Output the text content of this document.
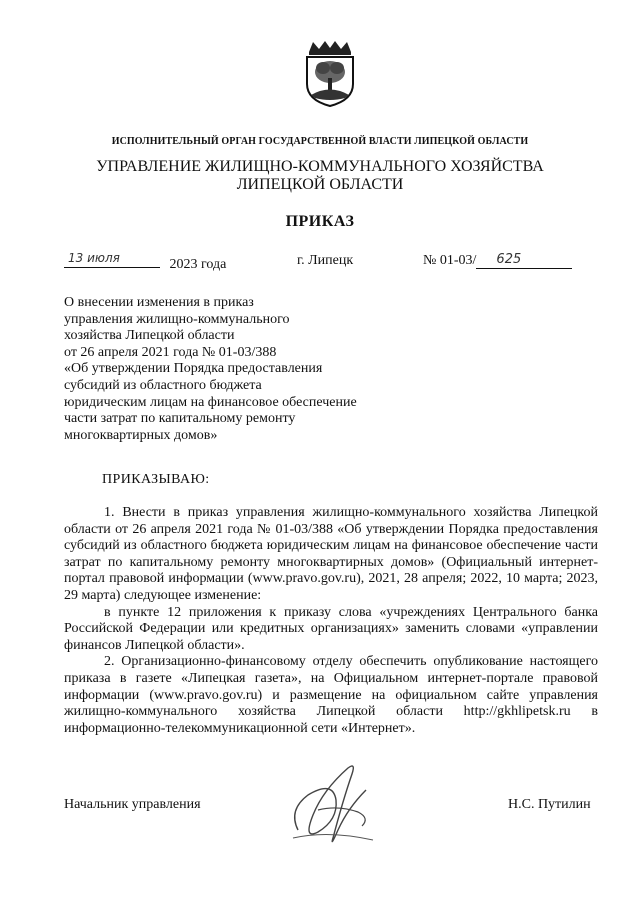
ИСПОЛНИТЕЛЬНЫЙ ОРГАН ГОСУДАРСТВЕННОЙ ВЛАСТИ ЛИПЕЦКОЙ ОБЛАСТИ
УПРАВЛЕНИЕ ЖИЛИЩНО-КОММУНАЛЬНОГО ХОЗЯЙСТВА
ЛИПЕЦКОЙ ОБЛАСТИ
ПРИКАЗ
13 июля	2023 года	г. Липецк	№ 01-03/ 625
О внесении изменения в приказ
управления жилищно-коммунального
хозяйства Липецкой области
от 26 апреля 2021 года № 01-03/388
«Об утверждении Порядка предоставления
субсидий из областного бюджета
юридическим лицам на финансовое обеспечение
части затрат по капитальному ремонту
многоквартирных домов»
ПРИКАЗЫВАЮ:

1. Внести в приказ управления жилищно-коммунального хозяйства Липецкой области от 26 апреля 2021 года № 01-03/388 «Об утверждении Порядка предоставления субсидий из областного бюджета юридическим лицам на финансовое обеспечение части затрат по капитальному ремонту многоквартирных домов» (Официальный интернет-портал правовой информации (www.pravo.gov.ru), 2021, 28 апреля; 2022, 10 марта; 2023, 29 марта) следующее изменение:

в пункте 12 приложения к приказу слова «учреждениях Центрального банка Российской Федерации или кредитных организациях» заменить словами «управлении финансов Липецкой области».

2. Организационно-финансовому отделу обеспечить опубликование настоящего приказа в газете «Липецкая газета», на Официальном интернет-портале правовой информации (www.pravo.gov.ru) и размещение на официальном сайте управления жилищно-коммунального хозяйства Липецкой области http://gkhlipetsk.ru в информационно-телекоммуникационной сети «Интернет».

Начальник управления	Н.С. Путилин
